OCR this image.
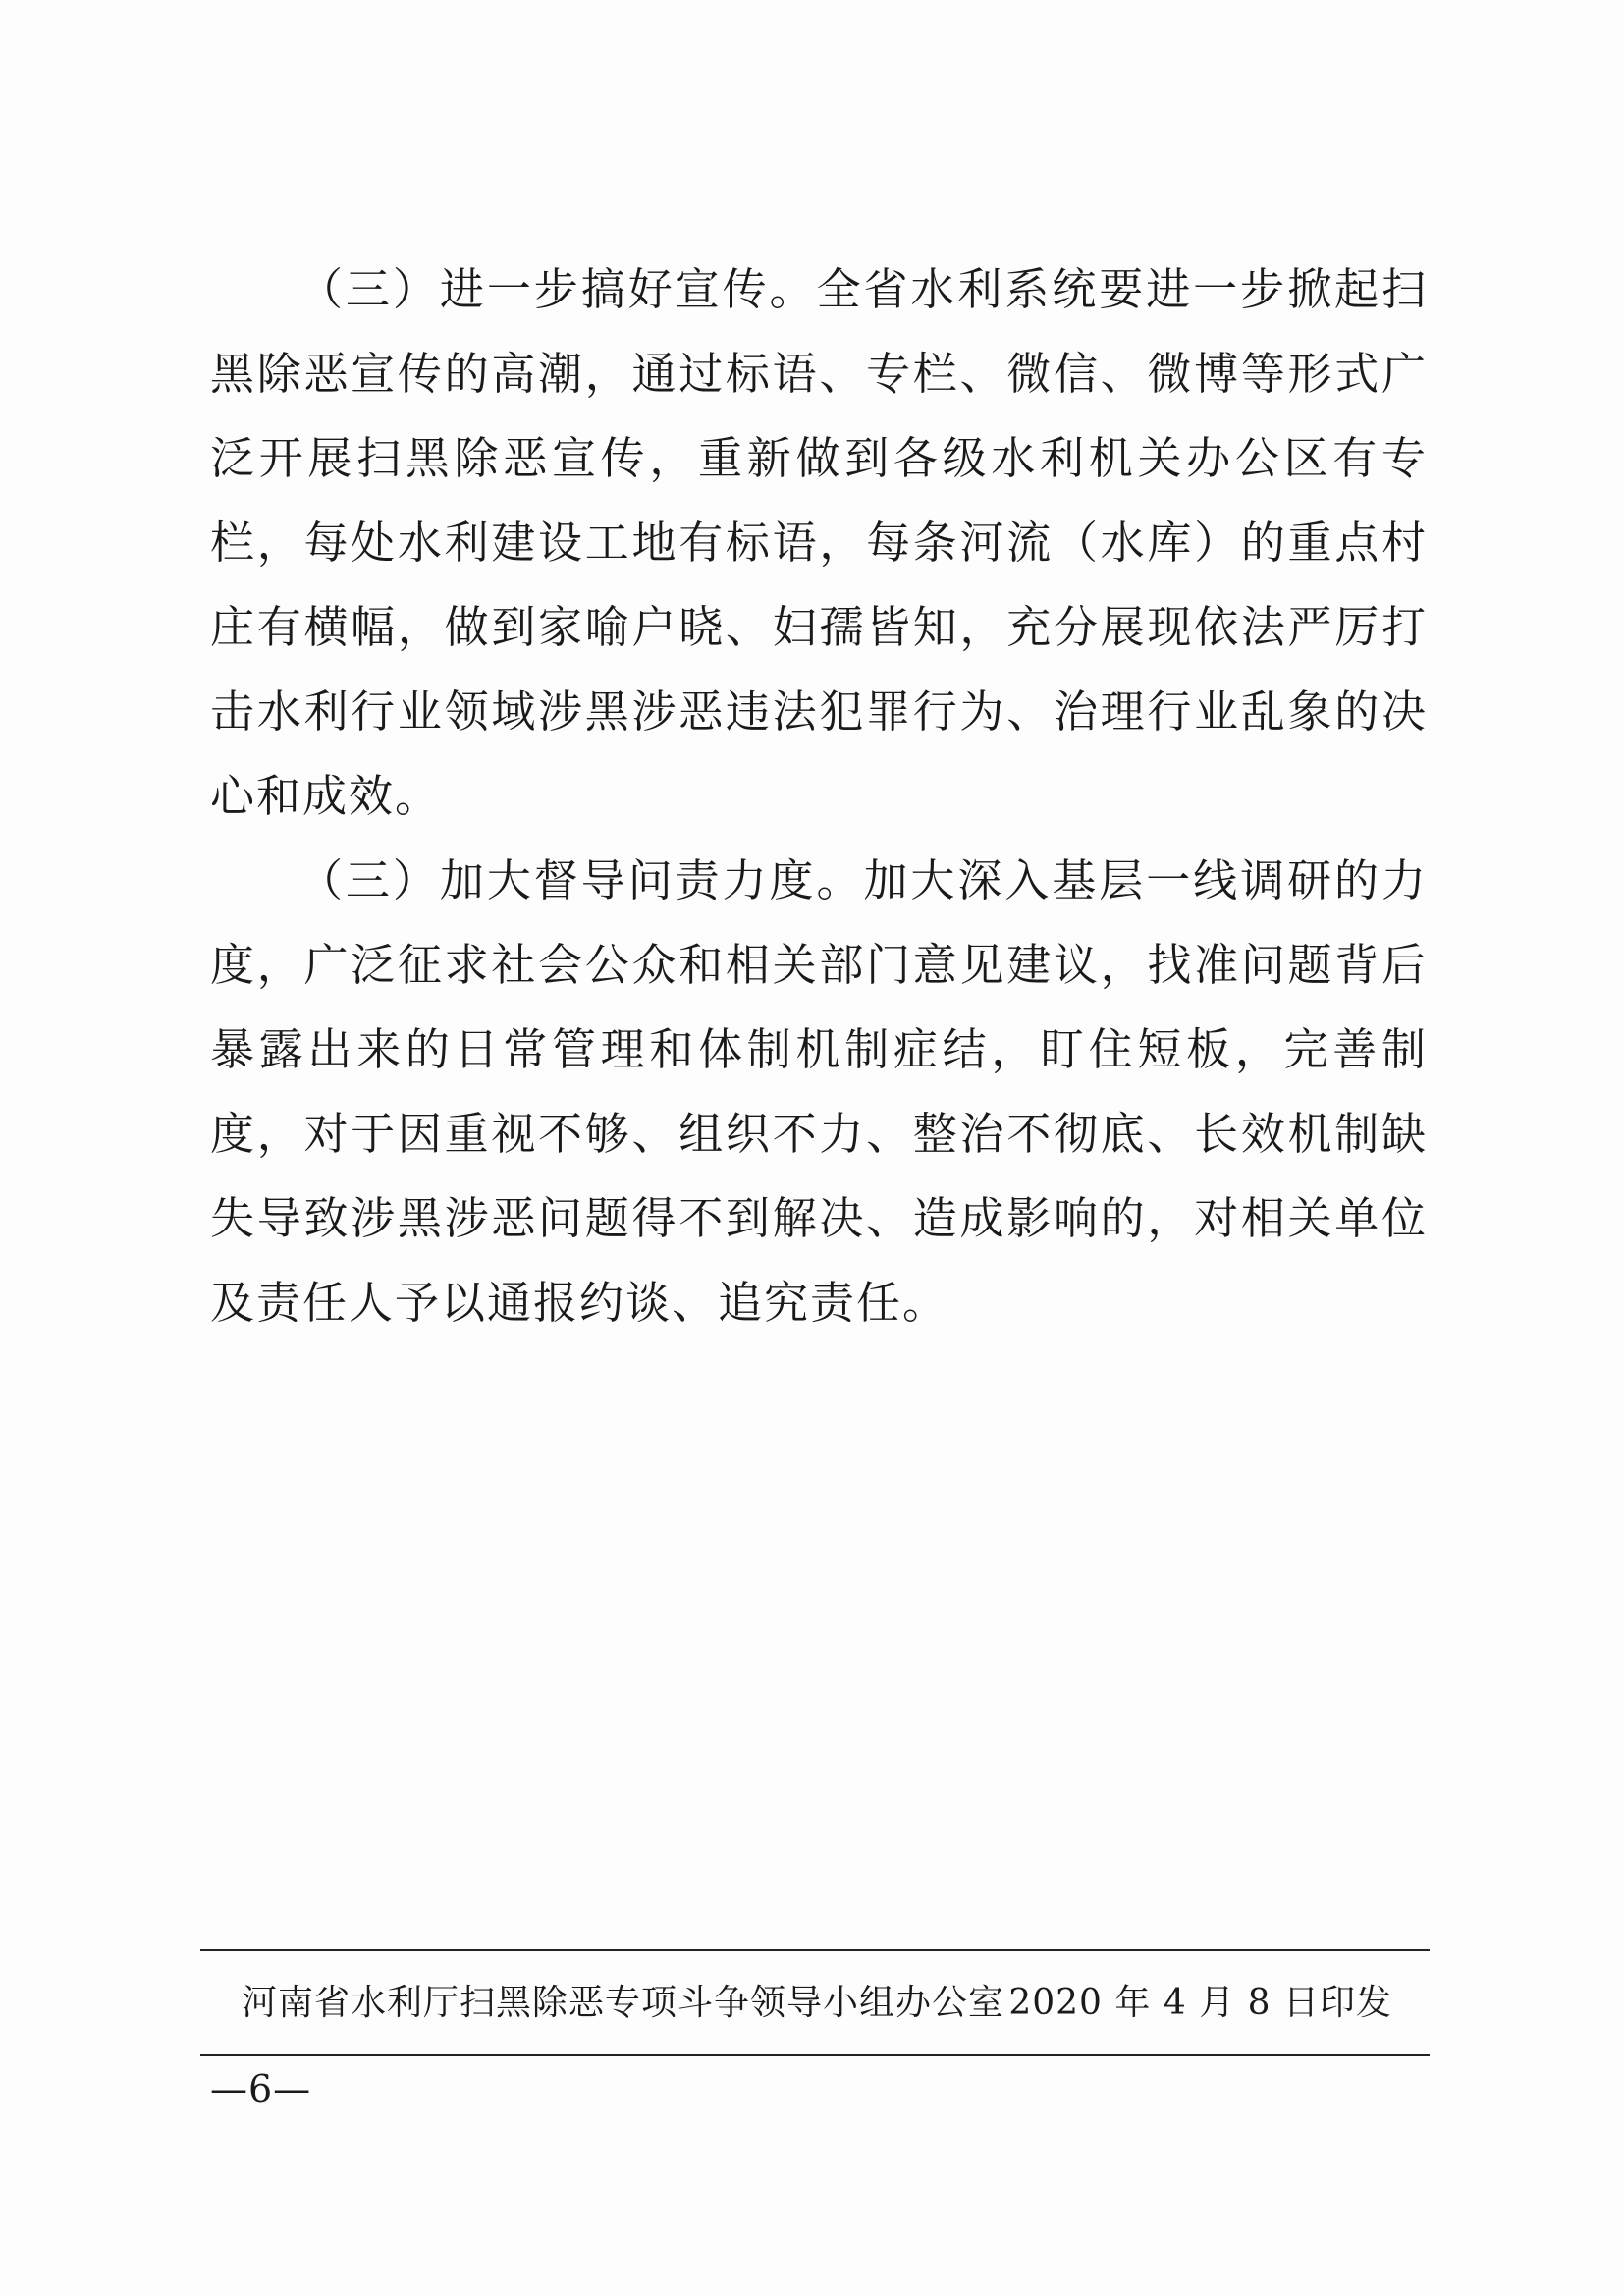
（三）进一步搞好宣传。全省水利系统要进一步掀起扫黑除恶宣传的高潮，通过标语、专栏、微信、微博等形式广泛开展扫黑除恶宣传，重新做到各级水利机关办公区有专栏，每处水利建设工地有标语，每条河流（水库）的重点村庄有横幅，做到家喻户晓、妇孺皆知，充分展现依法严厉打击水利行业领域涉黑涉恶违法犯罪行为、治理行业乱象的决心和成效。

（三）加大督导问责力度。加大深入基层一线调研的力度，广泛征求社会公众和相关部门意见建议，找准问题背后暴露出来的日常管理和体制机制症结，盯住短板，完善制度，对于因重视不够、组织不力、整治不彻底、长效机制缺失导致涉黑涉恶问题得不到解决、造成影响的，对相关单位及责任人予以通报约谈、追究责任。

河南省水利厅扫黑除恶专项斗争领导小组办公室 2020 年 4 月 8 日印发
—6—
